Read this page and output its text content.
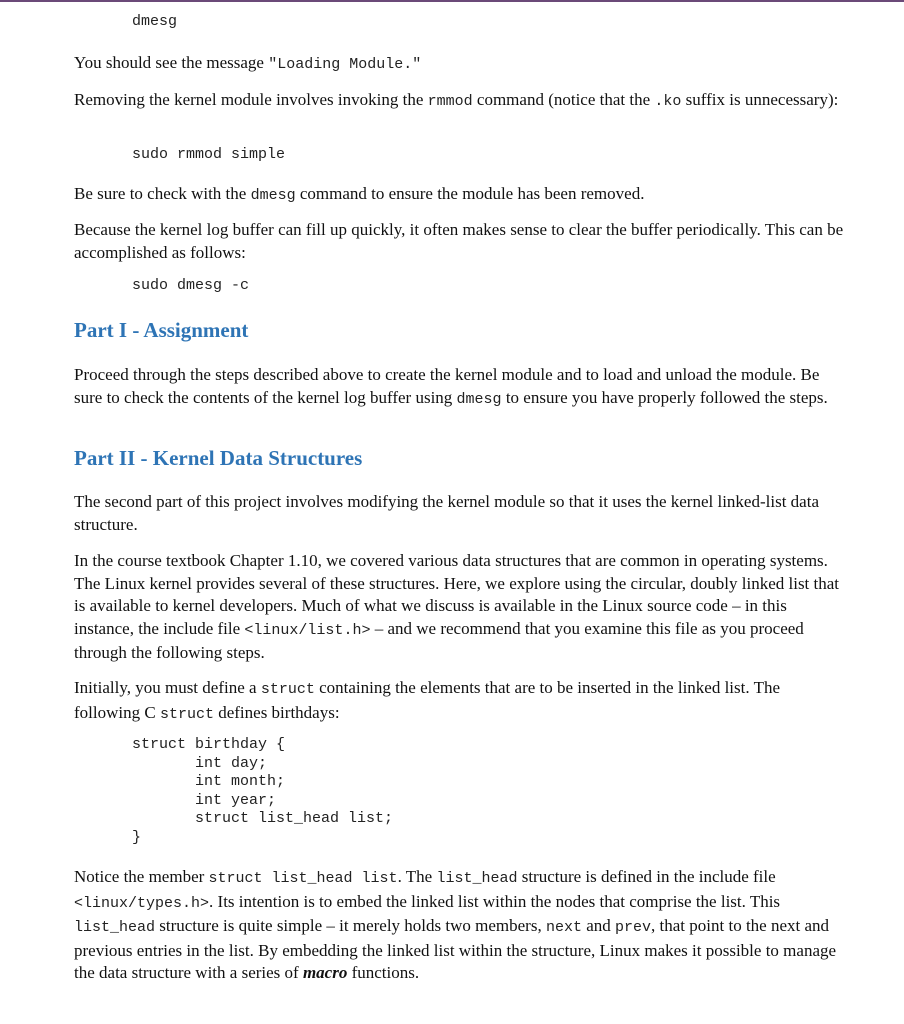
dmesg

You should see the message "Loading Module."

Removing the kernel module involves invoking the rmmod command (notice that the .ko suffix is unnecessary):

sudo rmmod simple

Be sure to check with the dmesg command to ensure the module has been removed.

Because the kernel log buffer can fill up quickly, it often makes sense to clear the buffer periodically. This can be accomplished as follows:

sudo dmesg -c
Part I - Assignment

Proceed through the steps described above to create the kernel module and to load and unload the module. Be sure to check the contents of the kernel log buffer using dmesg to ensure you have properly followed the steps.

Part II - Kernel Data Structures

The second part of this project involves modifying the kernel module so that it uses the kernel linked-list data structure.

In the course textbook Chapter 1.10, we covered various data structures that are common in operating systems. The Linux kernel provides several of these structures. Here, we explore using the circular, doubly linked list that is available to kernel developers. Much of what we discuss is available in the Linux source code – in this instance, the include file <linux/list.h> – and we recommend that you examine this file as you proceed through the following steps.

Initially, you must define a struct containing the elements that are to be inserted in the linked list. The following C struct defines birthdays:

struct birthday {
int day;
int month;
int year;
struct list_head list;
}

Notice the member struct list_head list. The list_head structure is defined in the include file <linux/types.h>. Its intention is to embed the linked list within the nodes that comprise the list. This list_head structure is quite simple – it merely holds two members, next and prev, that point to the next and previous entries in the list. By embedding the linked list within the structure, Linux makes it possible to manage the data structure with a series of macro functions.
